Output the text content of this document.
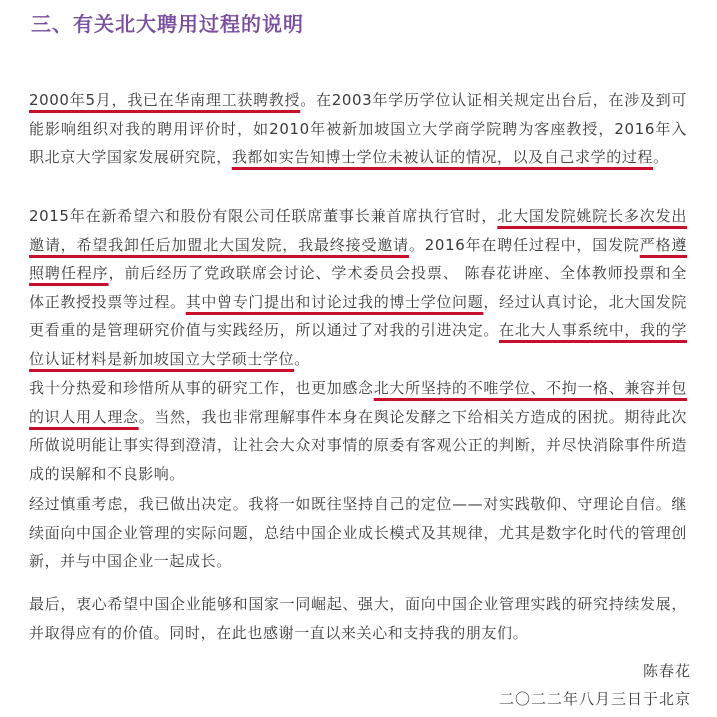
三、有关北大聘用过程的说明

2000年5月，我已在华南理工获聘教授。在2003年学历学位认证相关规定出台后，在涉及到可能影响组织对我的聘用评价时，如2010年被新加坡国立大学商学院聘为客座教授，2016年入职北京大学国家发展研究院，我都如实告知博士学位未被认证的情况，以及自己求学的过程。

2015年在新希望六和股份有限公司任联席董事长兼首席执行官时，北大国发院姚院长多次发出邀请，希望我卸任后加盟北大国发院，我最终接受邀请。2016年在聘任过程中，国发院严格遵照聘任程序，前后经历了党政联席会讨论、学术委员会投票、 陈春花讲座、全体教师投票和全体正教授投票等过程。其中曾专门提出和讨论过我的博士学位问题，经过认真讨论，北大国发院更看重的是管理研究价值与实践经历，所以通过了对我的引进决定。在北大人事系统中，我的学位认证材料是新加坡国立大学硕士学位。

我十分热爱和珍惜所从事的研究工作，也更加感念北大所坚持的不唯学位、不拘一格、兼容并包的识人用人理念。当然，我也非常理解事件本身在舆论发酵之下给相关方造成的困扰。期待此次所做说明能让事实得到澄清，让社会大众对事情的原委有客观公正的判断，并尽快消除事件所造成的误解和不良影响。

经过慎重考虑，我已做出决定。我将一如既往坚持自己的定位——对实践敬仰、守理论自信。继续面向中国企业管理的实际问题，总结中国企业成长模式及其规律，尤其是数字化时代的管理创新，并与中国企业一起成长。

最后，衷心希望中国企业能够和国家一同崛起、强大，面向中国企业管理实践的研究持续发展，并取得应有的价值。同时，在此也感谢一直以来关心和支持我的朋友们。

陈春花
二〇二二年八月三日于北京
